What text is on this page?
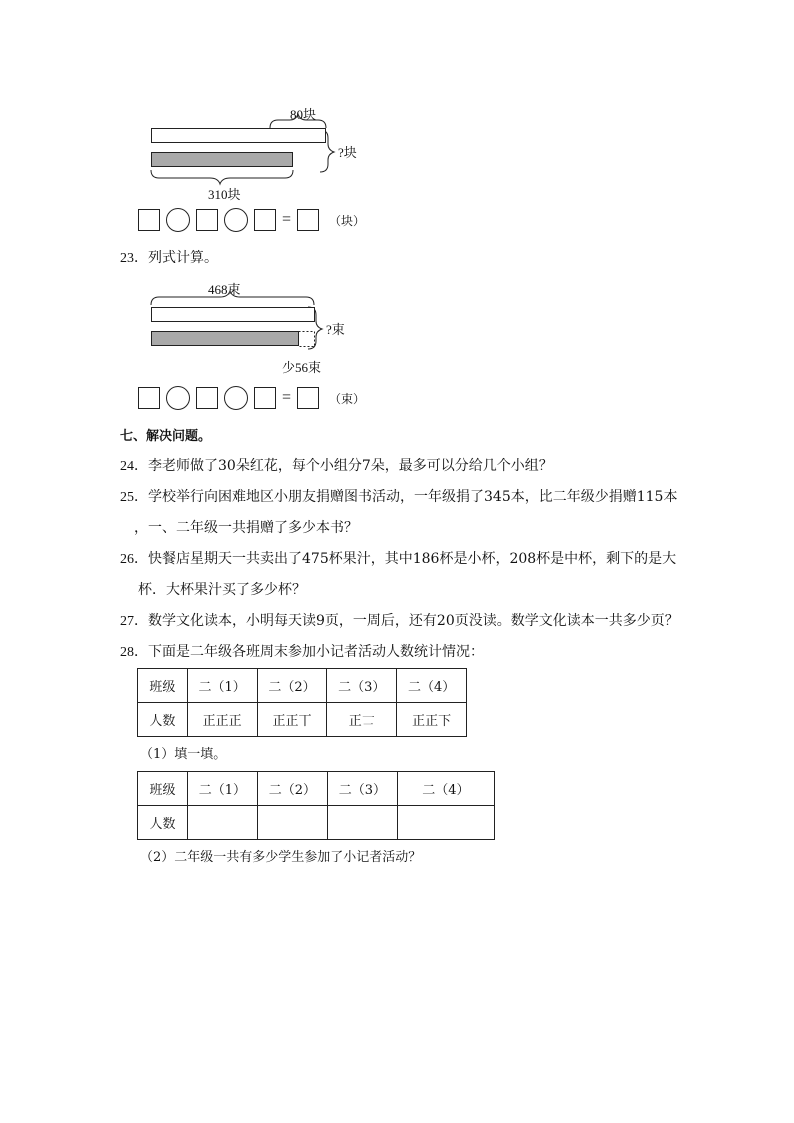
80块
?块
310块
=	（块）
23．列式计算。
468束
?束
少56束
=	（束）
七、解决问题。
24．李老师做了30朵红花，每个小组分7朵，最多可以分给几个小组？
25．学校举行向困难地区小朋友捐赠图书活动，一年级捐了345本，比二年级少捐赠115本
，一、二年级一共捐赠了多少本书？
26．快餐店星期天一共卖出了475杯果汁，其中186杯是小杯，208杯是中杯，剩下的是大
杯．大杯果汁买了多少杯？
27．数学文化读本，小明每天读9页，一周后，还有20页没读。数学文化读本一共多少页？
28．下面是二年级各班周末参加小记者活动人数统计情况：
班级	二（1）	二（2）	二（3）	二（4）
人数	正正正	正正丅	正𠄟	正正下
（1）填一填。
班级	二（1）	二（2）	二（3）	二（4）
人数				
（2）二年级一共有多少学生参加了小记者活动？
